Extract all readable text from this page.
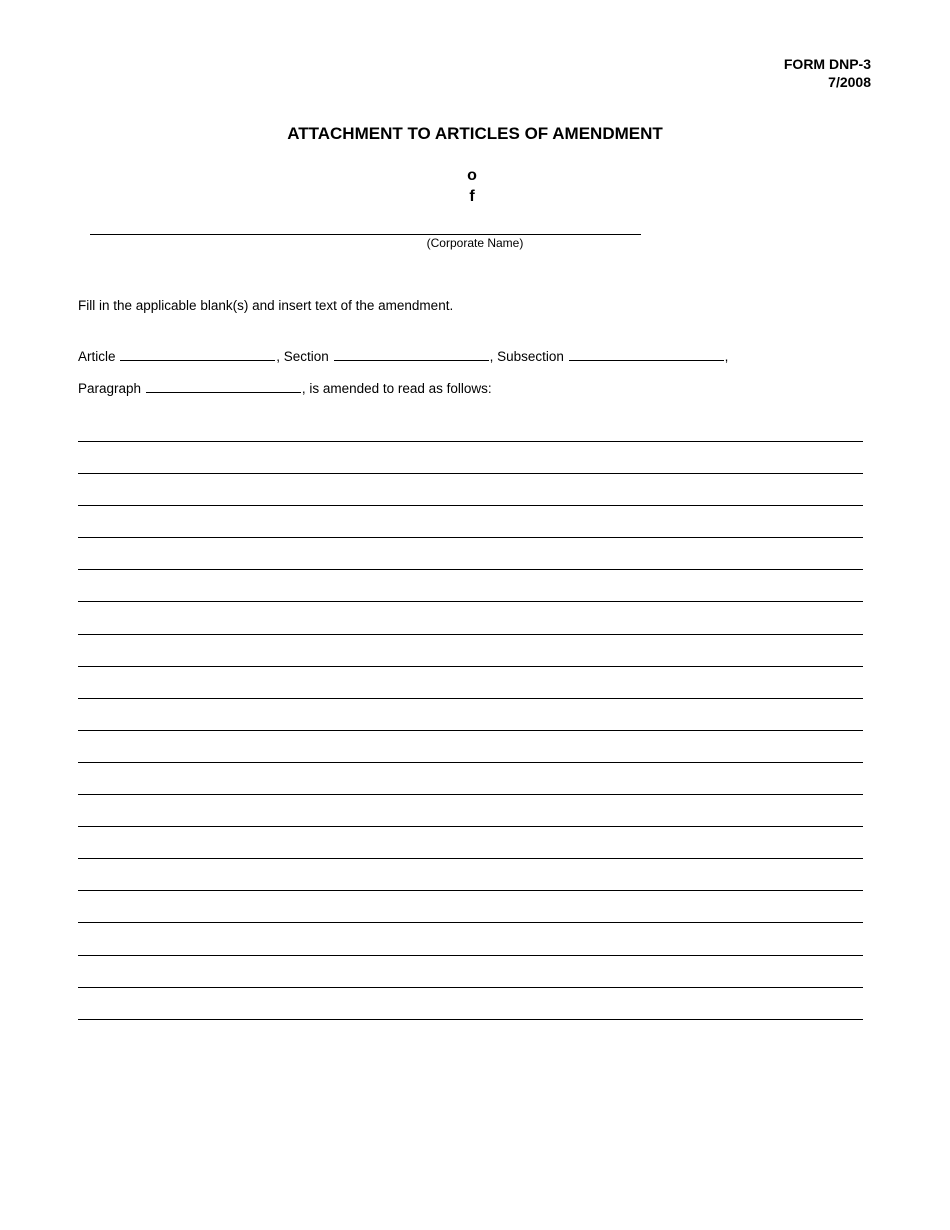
FORM DNP-3
7/2008
ATTACHMENT TO ARTICLES OF AMENDMENT
o
f
(Corporate Name)
Fill in the applicable blank(s) and insert text of the amendment.
Article	, Section	, Subsection	,
Paragraph	, is amended to read as follows:
